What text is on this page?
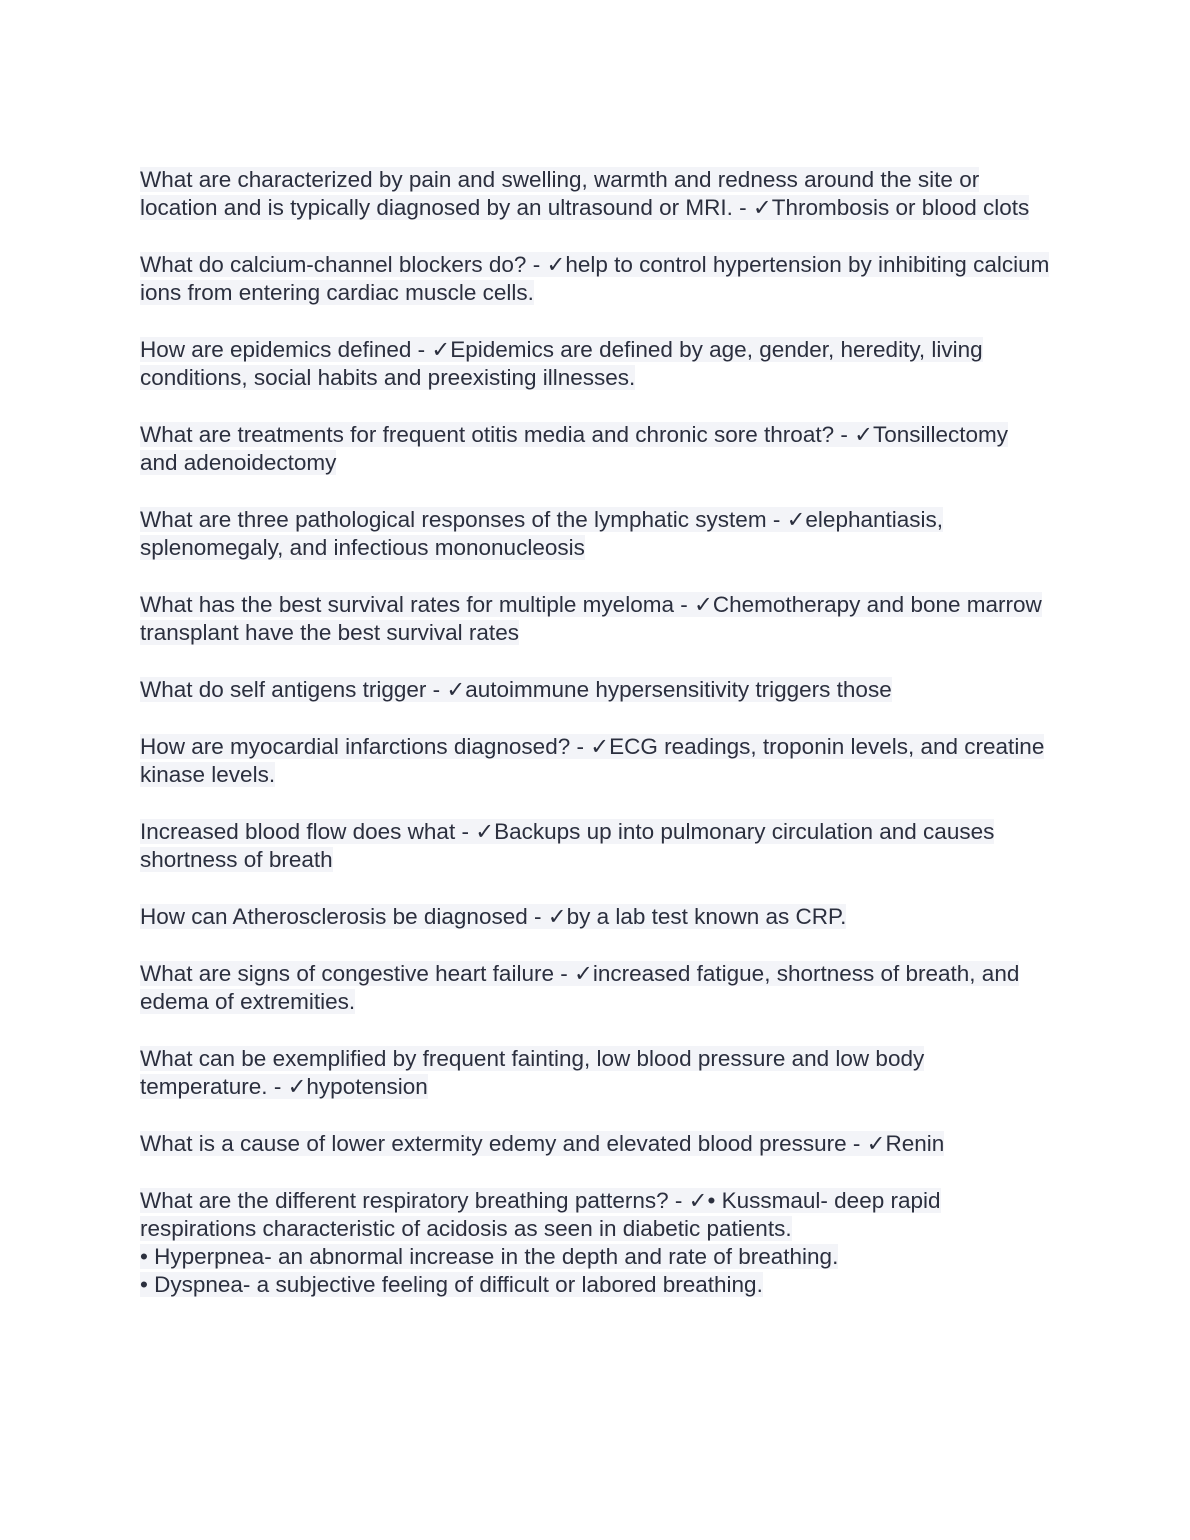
What are characterized by pain and swelling, warmth and redness around the site or location and is typically diagnosed by an ultrasound or MRI. - ✓Thrombosis or blood clots

What do calcium-channel blockers do? - ✓help to control hypertension by inhibiting calcium ions from entering cardiac muscle cells.

How are epidemics defined - ✓Epidemics are defined by age, gender, heredity, living conditions, social habits and preexisting illnesses.

What are treatments for frequent otitis media and chronic sore throat? - ✓Tonsillectomy and adenoidectomy

What are three pathological responses of the lymphatic system - ✓elephantiasis, splenomegaly, and infectious mononucleosis

What has the best survival rates for multiple myeloma - ✓Chemotherapy and bone marrow transplant have the best survival rates

What do self antigens trigger - ✓autoimmune hypersensitivity triggers those

How are myocardial infarctions diagnosed? - ✓ECG readings, troponin levels, and creatine kinase levels.

Increased blood flow does what - ✓Backups up into pulmonary circulation and causes shortness of breath

How can Atherosclerosis be diagnosed - ✓by a lab test known as CRP.

What are signs of congestive heart failure - ✓increased fatigue, shortness of breath, and edema of extremities.

What can be exemplified by frequent fainting, low blood pressure and low body temperature. - ✓hypotension

What is a cause of lower extermity edemy and elevated blood pressure - ✓Renin

What are the different respiratory breathing patterns? - ✓• Kussmaul- deep rapid respirations characteristic of acidosis as seen in diabetic patients.
• Hyperpnea- an abnormal increase in the depth and rate of breathing.
• Dyspnea- a subjective feeling of difficult or labored breathing.
